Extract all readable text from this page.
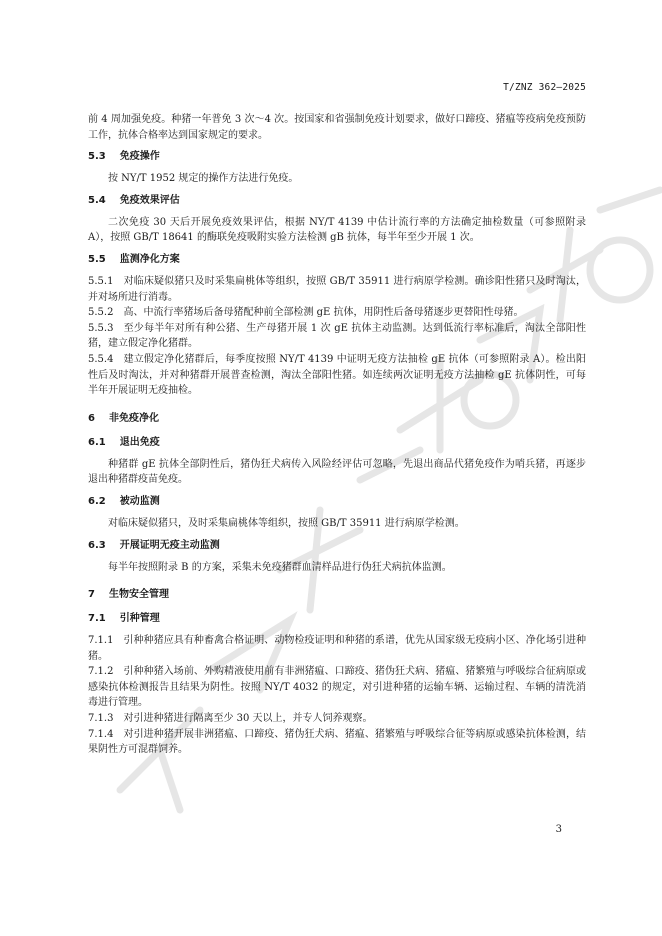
T/ZNZ 362—2025

前 4 周加强免疫。种猪一年普免 3 次～4 次。按国家和省强制免疫计划要求，做好口蹄疫、猪瘟等疫病免疫预防工作，抗体合格率达到国家规定的要求。

5.3 免疫操作

按 NY/T 1952 规定的操作方法进行免疫。

5.4 免疫效果评估

二次免疫 30 天后开展免疫效果评估，根据 NY/T 4139 中估计流行率的方法确定抽检数量（可参照附录 A），按照 GB/T 18641 的酶联免疫吸附实验方法检测 gB 抗体，每半年至少开展 1 次。

5.5 监测净化方案

5.5.1 对临床疑似猪只及时采集扁桃体等组织，按照 GB/T 35911 进行病原学检测。确诊阳性猪只及时淘汰，并对场所进行消毒。

5.5.2 高、中流行率猪场后备母猪配种前全部检测 gE 抗体，用阴性后备母猪逐步更替阳性母猪。

5.5.3 至少每半年对所有种公猪、生产母猪开展 1 次 gE 抗体主动监测。达到低流行率标准后，淘汰全部阳性猪，建立假定净化猪群。

5.5.4 建立假定净化猪群后，每季度按照 NY/T 4139 中证明无疫方法抽检 gE 抗体（可参照附录 A）。检出阳性后及时淘汰，并对种猪群开展普查检测，淘汰全部阳性猪。如连续两次证明无疫方法抽检 gE 抗体阴性，可每半年开展证明无疫抽检。

6 非免疫净化
6.1 退出免疫

种猪群 gE 抗体全部阴性后，猪伪狂犬病传入风险经评估可忽略，先退出商品代猪免疫作为哨兵猪，再逐步退出种猪群疫苗免疫。

6.2 被动监测

对临床疑似猪只，及时采集扁桃体等组织，按照 GB/T 35911 进行病原学检测。

6.3 开展证明无疫主动监测

每半年按照附录 B 的方案，采集未免疫猪群血清样品进行伪狂犬病抗体监测。

7 生物安全管理
7.1 引种管理

7.1.1 引种种猪应具有种畜禽合格证明、动物检疫证明和种猪的系谱，优先从国家级无疫病小区、净化场引进种猪。

7.1.2 引种种猪入场前、外购精液使用前有非洲猪瘟、口蹄疫、猪伪狂犬病、猪瘟、猪繁殖与呼吸综合征病原或感染抗体检测报告且结果为阴性。按照 NY/T 4032 的规定，对引进种猪的运输车辆、运输过程、车辆的清洗消毒进行管理。

7.1.3 对引进种猪进行隔离至少 30 天以上，并专人饲养观察。

7.1.4 对引进种猪开展非洲猪瘟、口蹄疫、猪伪狂犬病、猪瘟、猪繁殖与呼吸综合征等病原或感染抗体检测，结果阴性方可混群饲养。

3
